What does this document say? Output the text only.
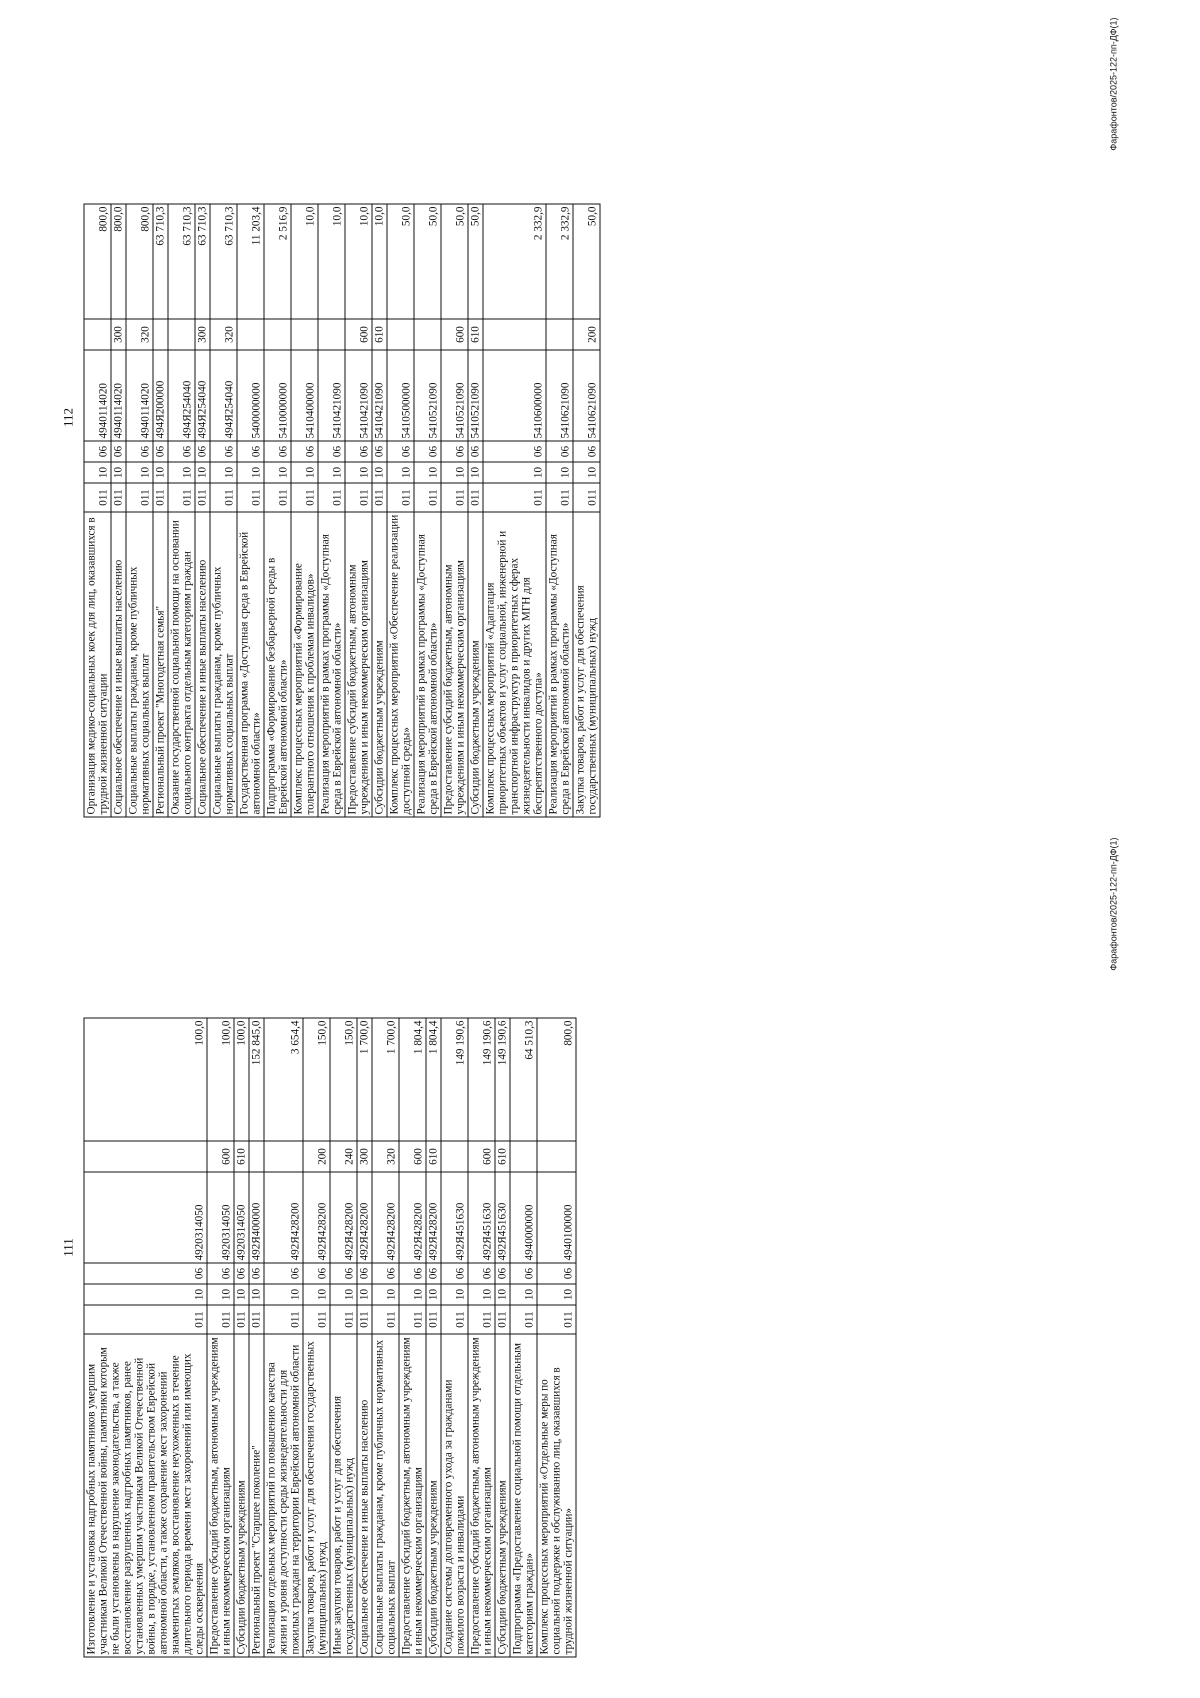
111
Изготовление и установка надгробных памятников умершим участникам Великой Отечественной войны, памятники которым не были установлены в нарушение законодательства, а также восстановление разрушенных надгробных памятников, ранее установленных умершим участникам Великой Отечественной войны, в порядке, установленном правительством Еврейской автономной области, а также сохранение мест захоронений знаменитых земляков, восстановление неухоженных в течение длительного периода времени мест захоронений или имеющих следы осквернения	011	10	06	4920314050		100,0
Предоставление субсидий бюджетным, автономным учреждениям и иным некоммерческим организациям	011	10	06	4920314050	600	100,0
Субсидии бюджетным учреждениям	011	10	06	4920314050	610	100,0
Региональный проект "Старшее поколение"	011	10	06	492Я400000		152 845,0
Реализация отдельных мероприятий по повышению качества жизни и уровня доступности среды жизнедеятельности для пожилых граждан на территории Еврейской автономной области	011	10	06	492Я428200		3 654,4
Закупка товаров, работ и услуг для обеспечения государственных (муниципальных) нужд	011	10	06	492Я428200	200	150,0
Иные закупки товаров, работ и услуг для обеспечения государственных (муниципальных) нужд	011	10	06	492Я428200	240	150,0
Социальное обеспечение и иные выплаты населению	011	10	06	492Я428200	300	1 700,0
Социальные выплаты гражданам, кроме публичных нормативных социальных выплат	011	10	06	492Я428200	320	1 700,0
Предоставление субсидий бюджетным, автономным учреждениям и иным некоммерческим организациям	011	10	06	492Я428200	600	1 804,4
Субсидии бюджетным учреждениям	011	10	06	492Я428200	610	1 804,4
Создание системы долговременного ухода за гражданами пожилого возраста и инвалидами	011	10	06	492Я451630		149 190,6
Предоставление субсидий бюджетным, автономным учреждениям и иным некоммерческим организациям	011	10	06	492Я451630	600	149 190,6
Субсидии бюджетным учреждениям	011	10	06	492Я451630	610	149 190,6
Подпрограмма «Предоставление социальной помощи отдельным категориям граждан»	011	10	06	4940000000		64 510,3
Комплекс процессных мероприятий «Отдельные меры по социальной поддержке и обслуживанию лиц, оказавшихся в трудной жизненной ситуации»	011	10	06	4940100000		800,0
Фарафонтов/2025-122-пп-ДФ(1)
112
Организация медико-социальных коек для лиц, оказавшихся в трудной жизненной ситуации	011	10	06	4940114020		800,0
Социальное обеспечение и иные выплаты населению	011	10	06	4940114020	300	800,0
Социальные выплаты гражданам, кроме публичных нормативных социальных выплат	011	10	06	4940114020	320	800,0
Региональный проект "Многодетная семья"	011	10	06	494Я200000		63 710,3
Оказание государственной социальной помощи на основании социального контракта отдельным категориям граждан	011	10	06	494Я254040		63 710,3
Социальное обеспечение и иные выплаты населению	011	10	06	494Я254040	300	63 710,3
Социальные выплаты гражданам, кроме публичных нормативных социальных выплат	011	10	06	494Я254040	320	63 710,3
Государственная программа «Доступная среда в Еврейской автономной области»	011	10	06	5400000000		11 203,4
Подпрограмма «Формирование безбарьерной среды в Еврейской автономной области»	011	10	06	5410000000		2 516,9
Комплекс процессных мероприятий «Формирование толерантного отношения к проблемам инвалидов»	011	10	06	5410400000		10,0
Реализация мероприятий в рамках программы «Доступная среда в Еврейской автономной области»	011	10	06	5410421090		10,0
Предоставление субсидий бюджетным, автономным учреждениям и иным некоммерческим организациям	011	10	06	5410421090	600	10,0
Субсидии бюджетным учреждениям	011	10	06	5410421090	610	10,0
Комплекс процессных мероприятий «Обеспечение реализации доступной среды»	011	10	06	5410500000		50,0
Реализация мероприятий в рамках программы «Доступная среда в Еврейской автономной области»	011	10	06	5410521090		50,0
Предоставление субсидий бюджетным, автономным учреждениям и иным некоммерческим организациям	011	10	06	5410521090	600	50,0
Субсидии бюджетным учреждениям	011	10	06	5410521090	610	50,0
Комплекс процессных мероприятий «Адаптация приоритетных объектов и услуг социальной, инженерной и транспортной инфраструктур в приоритетных сферах жизнедеятельности инвалидов и других МГН для беспрепятственного доступа»	011	10	06	5410600000		2 332,9
Реализация мероприятий в рамках программы «Доступная среда в Еврейской автономной области»	011	10	06	5410621090		2 332,9
Закупка товаров, работ и услуг для обеспечения государственных (муниципальных) нужд	011	10	06	5410621090	200	50,0
Фарафонтов/2025-122-пп-ДФ(1)
